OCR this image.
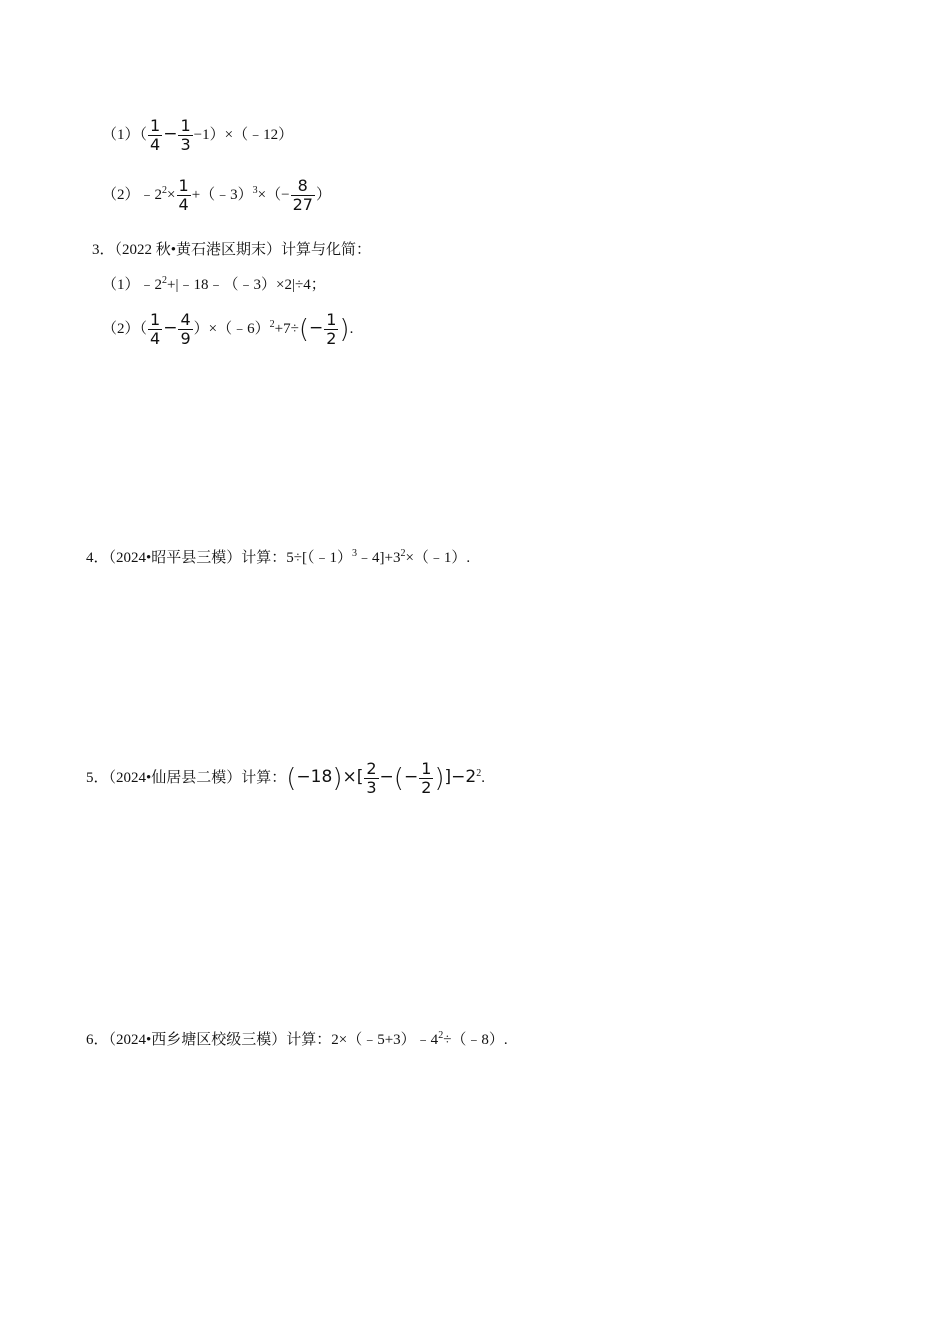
$(1)( \frac{1}{4} - \frac{1}{3}$ −1）×（﹣12）
$(2)﹣2^2\times \frac{1}{4}$ +（﹣3）$^3$×（− $\frac{8}{27}$ ）
3．（2022 秋•黄石港区期末）计算与化简：
$(1)﹣2^2+|﹣18﹣(﹣3)\times 2|\div 4$；
$(2)( \frac{1}{4} - \frac{4}{9}$ ）×（﹣6）$^2$+7÷(− $\frac{1}{2}$ ).
4．（2024•昭平县三模）计算：$5\div[(﹣1)^3﹣4]+3^2\times(﹣1)$.
5．（2024•仙居县二模）计算：$(-18)\times[ \frac{2}{3}$ −(− $\frac{1}{2} )]-2^2$.
6．（2024•西乡塘区校级三模）计算：$2\times(﹣5+3)﹣4^2\div(﹣8)$.
